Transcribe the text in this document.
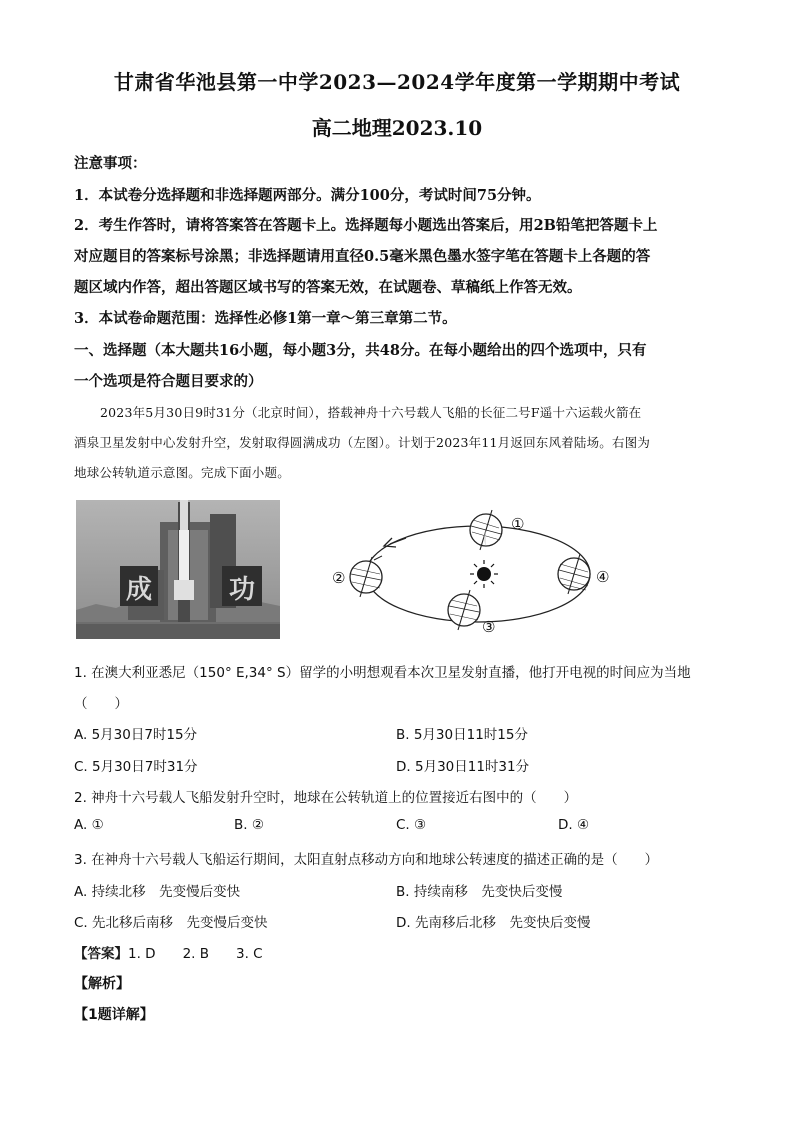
甘肃省华池县第一中学2023—2024学年度第一学期期中考试
高二地理2023.10
注意事项：
1．本试卷分选择题和非选择题两部分。满分100分，考试时间75分钟。
2．考生作答时，请将答案答在答题卡上。选择题每小题选出答案后，用2B铅笔把答题卡上
对应题目的答案标号涂黑；非选择题请用直径0.5毫米黑色墨水签字笔在答题卡上各题的答
题区域内作答，超出答题区域书写的答案无效，在试题卷、草稿纸上作答无效。
3．本试卷命题范围：选择性必修1第一章～第三章第二节。
一、选择题（本大题共16小题，每小题3分，共48分。在每小题给出的四个选项中，只有
一个选项是符合题目要求的）
2023年5月30日9时31分（北京时间），搭载神舟十六号载人飞船的长征二号F遥十六运载火箭在
酒泉卫星发射中心发射升空，发射取得圆满成功（左图）。计划于2023年11月返回东风着陆场。右图为
地球公转轨道示意图。完成下面小题。
成	功
①
②
③
④
1. 在澳大利亚悉尼（150° E,34° S）留学的小明想观看本次卫星发射直播，他打开电视的时间应为当地
（　　）
A. 5月30日7时15分	B. 5月30日11时15分
C. 5月30日7时31分	D. 5月30日11时31分
2. 神舟十六号载人飞船发射升空时，地球在公转轨道上的位置接近右图中的（　　）
A. ①	B. ②	C. ③	D. ④
3. 在神舟十六号载人飞船运行期间，太阳直射点移动方向和地球公转速度的描述正确的是（　　）
A. 持续北移　先变慢后变快	B. 持续南移　先变快后变慢
C. 先北移后南移　先变慢后变快	D. 先南移后北移　先变快后变慢
【答案】1. D　　2. B　　3. C
【解析】
【1题详解】
